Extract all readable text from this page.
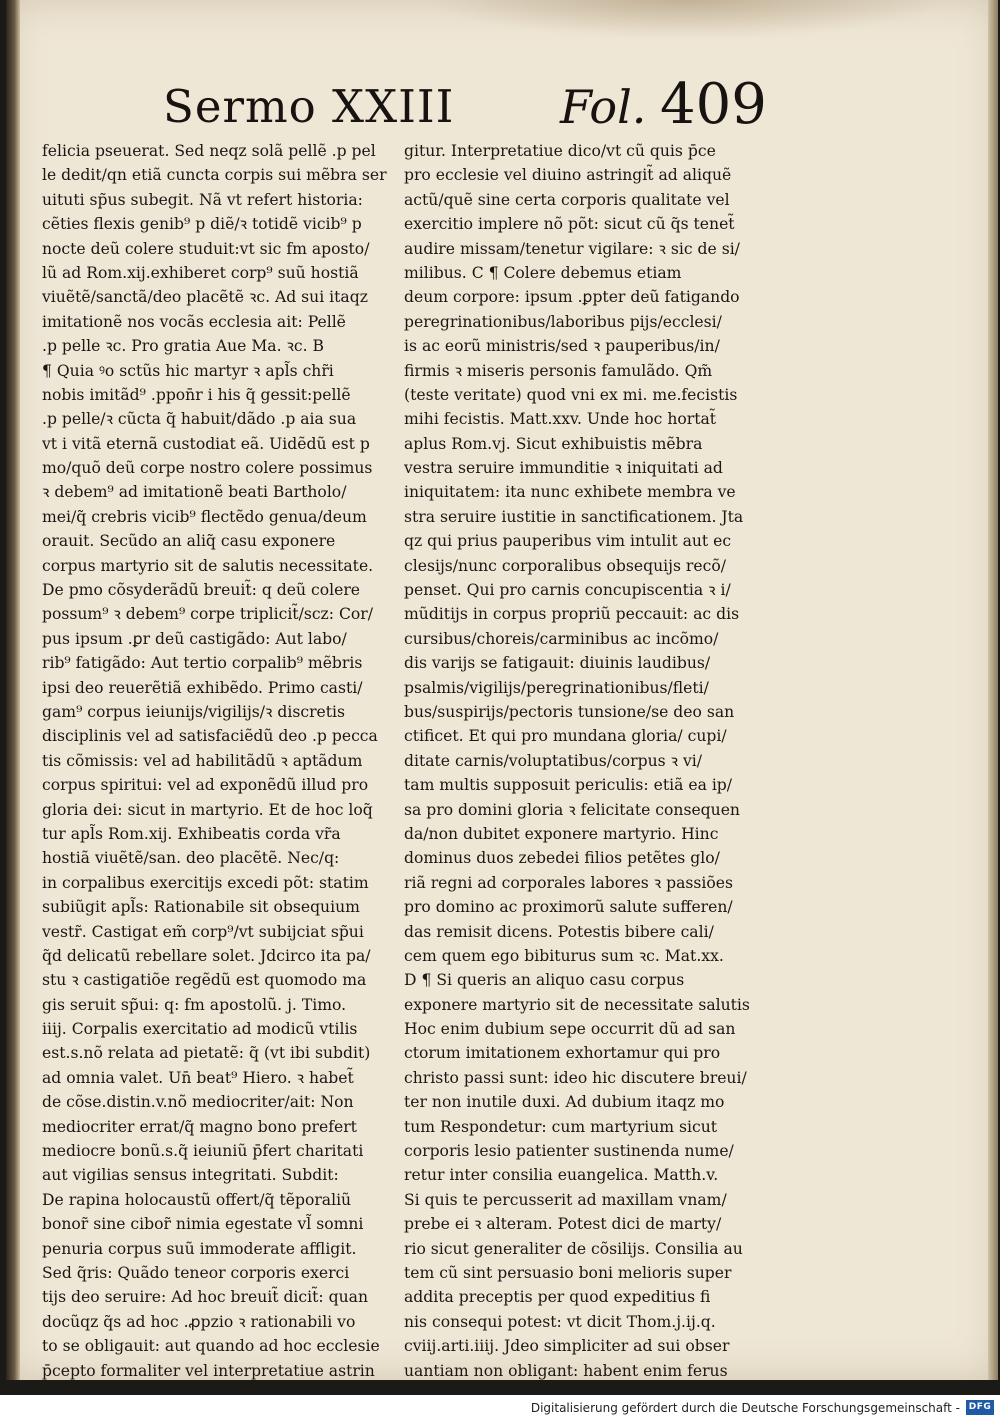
Sermo XXIII Fol. 409
felicia pseuerat. Sed neqz solã pellẽ .p pel
le dedit/qn etiã cuncta corpis sui mẽbra ser
uituti sp̃us subegit. Nã vt refert historia:
cẽties flexis genib⁹ p diẽ/ꝛ totidẽ vicib⁹ p
nocte deũ colere studuit:vt sic fm aposto/
lũ ad Rom.xij.exhiberet corp⁹ suũ hostiã
viuẽtẽ/sanctã/deo placẽtẽ ꝛc. Ad sui itaqz
imitationẽ nos vocãs ecclesia ait: Pellẽ
.p pelle ꝛc. Pro gratia Aue Ma. ꝛc. B
¶ Quia ꝰo sctũs hic martyr ꝛ apl̃s chr̃i
nobis imitãd⁹ .ppon̄r i his q̃ gessit:pellẽ
.p pelle/ꝛ cũcta q̃ habuit/dãdo .p aia sua
vt i vitã eternã custodiat eã. Uidẽdũ est p
mo/quõ deũ corpe nostro colere possimus
ꝛ debem⁹ ad imitationẽ beati Bartholo/
mei/q̃ crebris vicib⁹ flectẽdo genua/deum
orauit. Secũdo an aliq̃ casu exponere
corpus martyrio sit de salutis necessitate.
De pmo cõsyderãdũ breuit̃: q deũ colere
possum⁹ ꝛ debem⁹ corpe triplicit̃/scz: Cor/
pus ipsum .ꝑr deũ castigãdo: Aut labo/
rib⁹ fatigãdo: Aut tertio corpalib⁹ mẽbris
ipsi deo reuerẽtiã exhibẽdo. Primo casti/
gam⁹ corpus ieiunijs/vigilijs/ꝛ discretis
disciplinis vel ad satisfaciẽdũ deo .p pecca
tis cõmissis: vel ad habilitãdũ ꝛ aptãdum
corpus spiritui: vel ad exponẽdũ illud pro
gloria dei: sicut in martyrio. Et de hoc loq̃
tur apl̃s Rom.xij. Exhibeatis corda vr̃a
hostiã viuẽtẽ/san. deo placẽtẽ. Nec/q:
in corpalibus exercitijs excedi põt: statim
subiũgit apl̃s: Rationabile sit obsequium
vestr̃. Castigat em̃ corp⁹/vt subijciat sp̃ui
q̃d delicatũ rebellare solet. Jdcirco ita pa/
stu ꝛ castigatiõe regẽdũ est quomodo ma
gis seruit sp̃ui: q: fm apostolũ. j. Timo.
iiij. Corpalis exercitatio ad modicũ vtilis
est.s.nõ relata ad pietatẽ: q̃ (vt ibi subdit)
ad omnia valet. Un̄ beat⁹ Hiero. ꝛ habet̃
de cõse.distin.v.nõ mediocriter/ait: Non
mediocriter errat/q̃ magno bono prefert
mediocre bonũ.s.q̃ ieiuniũ p̄fert charitati
aut vigilias sensus integritati. Subdit:
De rapina holocaustũ offert/q̃ tẽporaliũ
bonor̃ sine cibor̃ nimia egestate vl̃ somni
penuria corpus suũ immoderate affligit.
Sed q̃ris: Quãdo teneor corporis exerci
tijs deo seruire: Ad hoc breuit̃ dicit̃: quan
docũqz q̃s ad hoc .ꝓpzio ꝛ rationabili vo
to se obligauit: aut quando ad hoc ecclesie
p̄cepto formaliter vel interpretatiue astrin
gitur. Interpretatiue dico/vt cũ quis p̄ce
pro ecclesie vel diuino astringit̃ ad aliquẽ
actũ/quẽ sine certa corporis qualitate vel
exercitio implere nõ põt: sicut cũ q̃s tenet̃
audire missam/tenetur vigilare: ꝛ sic de si/
milibus. C ¶ Colere debemus etiam
deum corpore: ipsum .ꝑpter deũ fatigando
peregrinationibus/laboribus pijs/ecclesi/
is ac eorũ ministris/sed ꝛ pauperibus/in/
firmis ꝛ miseris personis famulãdo. Qm̃
(teste veritate) quod vni ex mi. me.fecistis
mihi fecistis. Matt.xxv. Unde hoc hortat̃
aplus Rom.vj. Sicut exhibuistis mẽbra
vestra seruire immunditie ꝛ iniquitati ad
iniquitatem: ita nunc exhibete membra ve
stra seruire iustitie in sanctificationem. Jta
qz qui prius pauperibus vim intulit aut ec
clesijs/nunc corporalibus obsequijs recõ/
penset. Qui pro carnis concupiscentia ꝛ i/
mũditijs in corpus propriũ peccauit: ac dis
cursibus/choreis/carminibus ac incõmo/
dis varijs se fatigauit: diuinis laudibus/
psalmis/vigilijs/peregrinationibus/fleti/
bus/suspirijs/pectoris tunsione/se deo san
ctificet. Et qui pro mundana gloria/ cupi/
ditate carnis/voluptatibus/corpus ꝛ vi/
tam multis supposuit periculis: etiã ea ip/
sa pro domini gloria ꝛ felicitate consequen
da/non dubitet exponere martyrio. Hinc
dominus duos zebedei filios petẽtes glo/
riã regni ad corporales labores ꝛ passiões
pro domino ac proximorũ salute sufferen/
das remisit dicens. Potestis bibere cali/
cem quem ego bibiturus sum ꝛc. Mat.xx.
D ¶ Si queris an aliquo casu corpus
exponere martyrio sit de necessitate salutis
Hoc enim dubium sepe occurrit dũ ad san
ctorum imitationem exhortamur qui pro
christo passi sunt: ideo hic discutere breui/
ter non inutile duxi. Ad dubium itaqz mo
tum Respondetur: cum martyrium sicut
corporis lesio patienter sustinenda nume/
retur inter consilia euangelica. Matth.v.
Si quis te percusserit ad maxillam vnam/
prebe ei ꝛ alteram. Potest dici de marty/
rio sicut generaliter de cõsilijs. Consilia au
tem cũ sint persuasio boni melioris super
addita preceptis per quod expeditius fi
nis consequi potest: vt dicit Thom.j.ij.q.
cviij.arti.iiij. Jdeo simpliciter ad sui obser
uantiam non obligant: habent enim ferus
Digitalisierung gefördert durch die Deutsche Forschungsgemeinschaft - DFG
